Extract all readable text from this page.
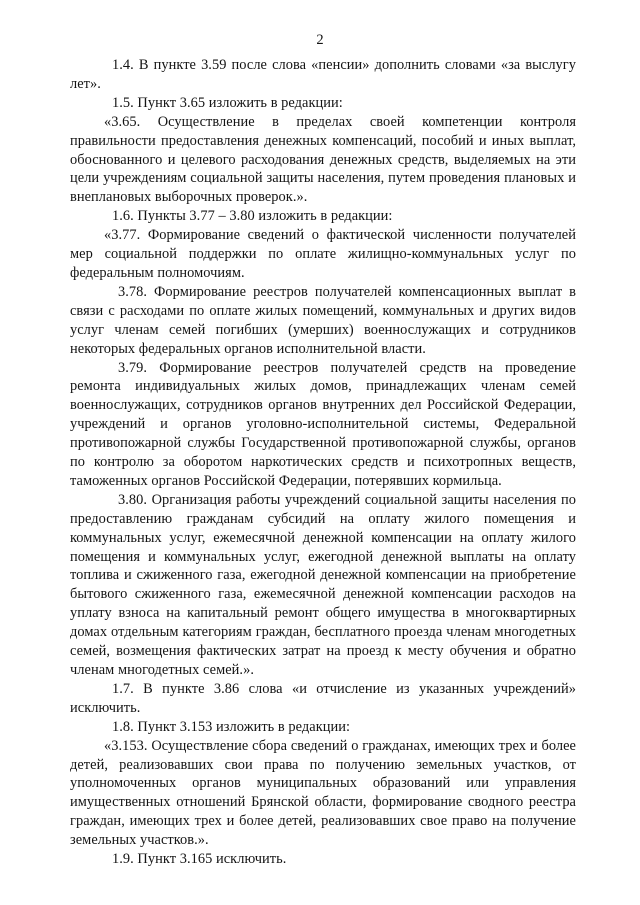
2

1.4. В пункте 3.59 после слова «пенсии» дополнить словами «за выслугу лет».

1.5. Пункт 3.65 изложить в редакции:

«3.65. Осуществление в пределах своей компетенции контроля правильности предоставления денежных компенсаций, пособий и иных выплат, обоснованного и целевого расходования денежных средств, выделяемых на эти цели учреждениям социальной защиты населения, путем проведения плановых и внеплановых выборочных проверок.».

1.6. Пункты 3.77 – 3.80 изложить в редакции:

«3.77. Формирование сведений о фактической численности получателей мер социальной поддержки по оплате жилищно-коммунальных услуг по федеральным полномочиям.

3.78. Формирование реестров получателей компенсационных выплат в связи с расходами по оплате жилых помещений, коммунальных и других видов услуг членам семей погибших (умерших) военнослужащих и сотрудников некоторых федеральных органов исполнительной власти.

3.79. Формирование реестров получателей средств на проведение ремонта индивидуальных жилых домов, принадлежащих членам семей военнослужащих, сотрудников органов внутренних дел Российской Федерации, учреждений и органов уголовно-исполнительной системы, Федеральной противопожарной службы Государственной противопожарной службы, органов по контролю за оборотом наркотических средств и психотропных веществ, таможенных органов Российской Федерации, потерявших кормильца.

3.80. Организация работы учреждений социальной защиты населения по предоставлению гражданам субсидий на оплату жилого помещения и коммунальных услуг, ежемесячной денежной компенсации на оплату жилого помещения и коммунальных услуг, ежегодной денежной выплаты на оплату топлива и сжиженного газа, ежегодной денежной компенсации на приобретение бытового сжиженного газа, ежемесячной денежной компенсации расходов на уплату взноса на капитальный ремонт общего имущества в многоквартирных домах отдельным категориям граждан, бесплатного проезда членам многодетных семей, возмещения фактических затрат на проезд к месту обучения и обратно членам многодетных семей.».

1.7. В пункте 3.86 слова «и отчисление из указанных учреждений» исключить.

1.8. Пункт 3.153 изложить в редакции:

«3.153. Осуществление сбора сведений о гражданах, имеющих трех и более детей, реализовавших свои права по получению земельных участков, от уполномоченных органов муниципальных образований или управления имущественных отношений Брянской области, формирование сводного реестра граждан, имеющих трех и более детей, реализовавших свое право на получение земельных участков.».

1.9. Пункт 3.165 исключить.
